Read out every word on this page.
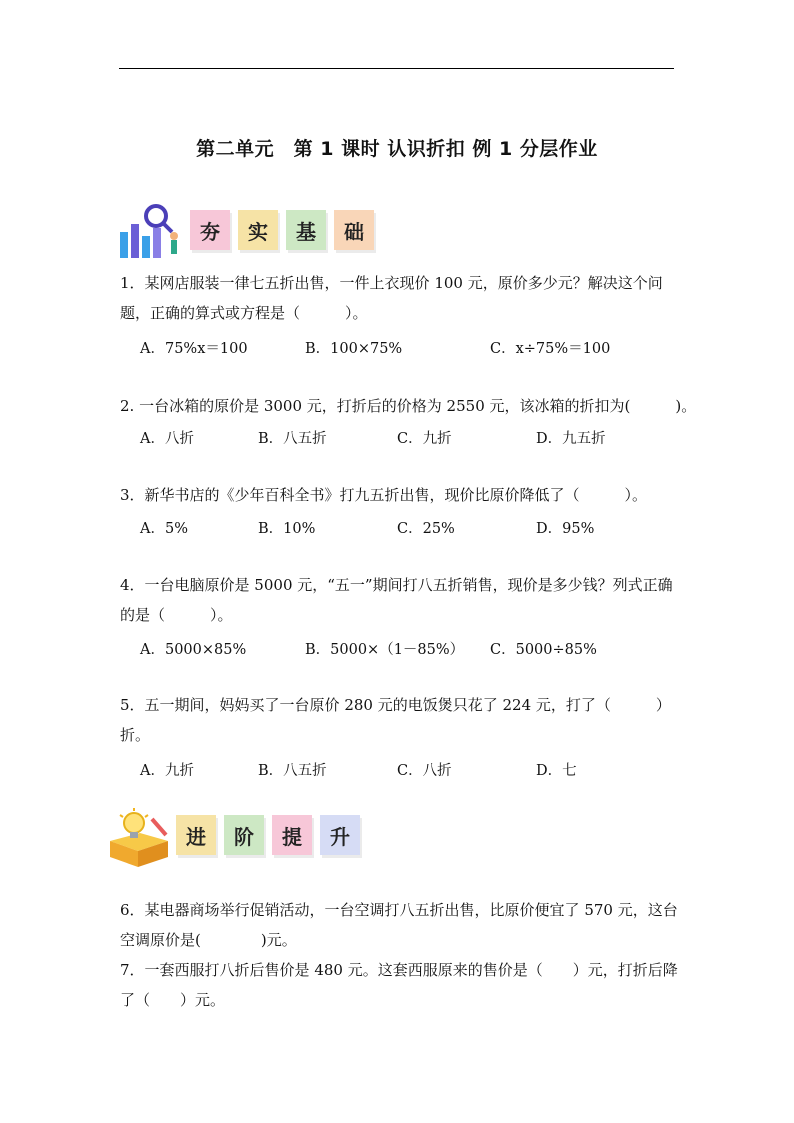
第二单元　第 1 课时 认识折扣 例 1 分层作业
夯	实	基	础
1．某网店服装一律七五折出售，一件上衣现价 100 元，原价多少元？解决这个问题，正确的算式或方程是（　　　）。
A．75%x＝100	B．100×75%	C．x÷75%＝100
2. 一台冰箱的原价是 3000 元，打折后的价格为 2550 元，该冰箱的折扣为(　　　)。
A．八折	B．八五折	C．九折	D．九五折
3．新华书店的《少年百科全书》打九五折出售，现价比原价降低了（　　　）。
A．5%	B．10%	C．25%	D．95%
4．一台电脑原价是 5000 元，“五一”期间打八五折销售，现价是多少钱？列式正确的是（　　　）。
A．5000×85%	B．5000×（1－85%） C．5000÷85%
5．五一期间，妈妈买了一台原价 280 元的电饭煲只花了 224 元，打了（　　　）折。
A．九折	B．八五折	C．八折	D．七
进	阶	提	升
6．某电器商场举行促销活动，一台空调打八五折出售，比原价便宜了 570 元，这台空调原价是(　　　　)元。
7．一套西服打八折后售价是 480 元。这套西服原来的售价是（　　）元，打折后降了（　　）元。
